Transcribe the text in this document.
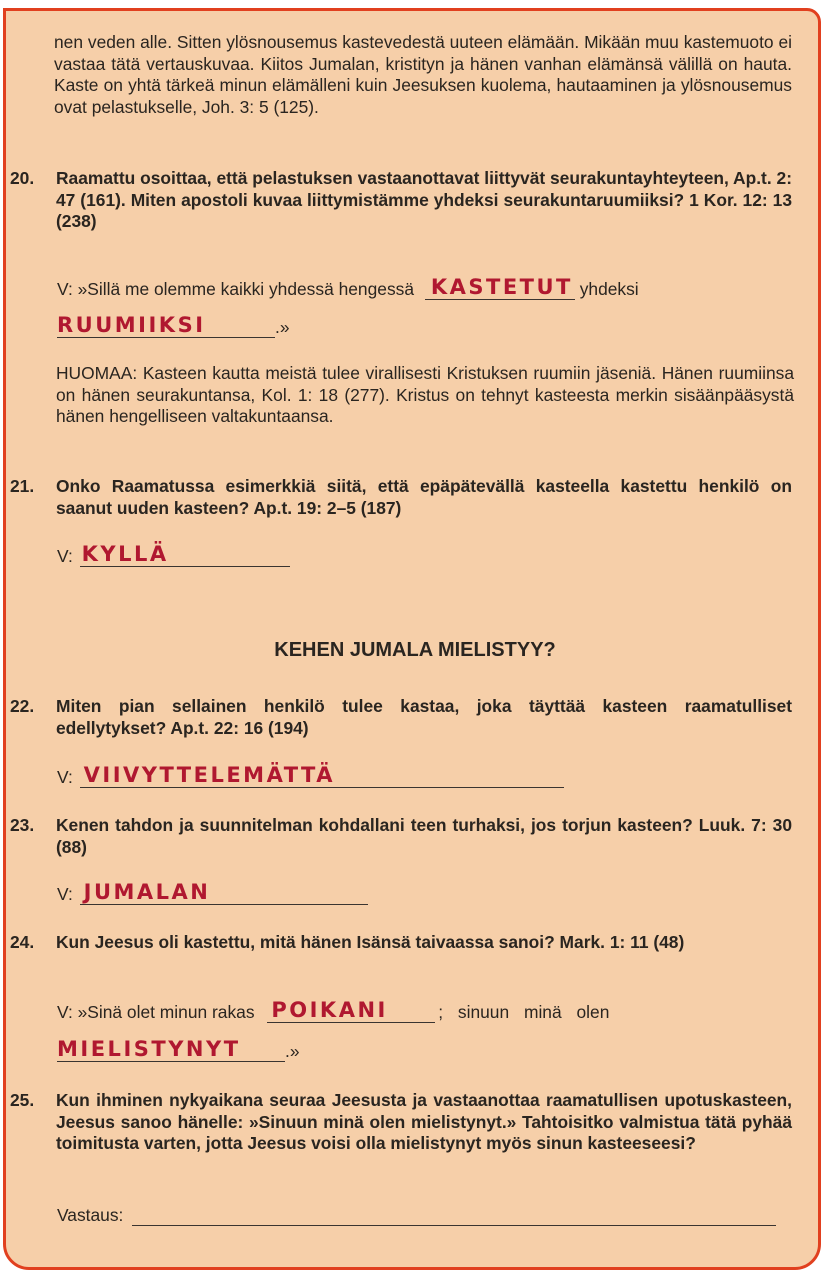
nen veden alle. Sitten ylösnousemus kastevedestä uuteen elämään. Mikään muu kastemuoto ei vastaa tätä vertauskuvaa. Kiitos Jumalan, kristityn ja hänen vanhan elämänsä välillä on hauta. Kaste on yhtä tärkeä minun elämälleni kuin Jeesuksen kuolema, hautaaminen ja ylösnousemus ovat pelastukselle, Joh. 3: 5 (125).
20. Raamattu osoittaa, että pelastuksen vastaanottavat liittyvät seurakuntayhteyteen, Ap.t. 2: 47 (161). Miten apostoli kuvaa liittymistämme yhdeksi seurakuntaruumiiksi? 1 Kor. 12: 13 (238)
V: »Sillä me olemme kaikki yhdessä hengessä KASTETUT yhdeksi
RUUMIIKSI	.»
HUOMAA: Kasteen kautta meistä tulee virallisesti Kristuksen ruumiin jäseniä. Hänen ruumiinsa on hänen seurakuntansa, Kol. 1: 18 (277). Kristus on tehnyt kasteesta merkin sisäänpääsystä hänen hengelliseen valtakuntaansa.
21. Onko Raamatussa esimerkkiä siitä, että epäpätevällä kasteella kastettu henkilö on saanut uuden kasteen? Ap.t. 19: 2–5 (187)
V: KYLLÄ
KEHEN JUMALA MIELISTYY?
22. Miten pian sellainen henkilö tulee kastaa, joka täyttää kasteen raamatulliset edellytykset? Ap.t. 22: 16 (194)
V: VIIVYTTELEMÄTTÄ
23. Kenen tahdon ja suunnitelman kohdallani teen turhaksi, jos torjun kasteen? Luuk. 7: 30 (88)
V: JUMALAN
24. Kun Jeesus oli kastettu, mitä hänen Isänsä taivaassa sanoi? Mark. 1: 11 (48)
V: »Sinä olet minun rakas POIKANI	; sinuun minä olen
MIELISTYNYT	.»
25. Kun ihminen nykyaikana seuraa Jeesusta ja vastaanottaa raamatullisen upotuskasteen, Jeesus sanoo hänelle: »Sinuun minä olen mielistynyt.» Tahtoisitko valmistua tätä pyhää toimitusta varten, jotta Jeesus voisi olla mielistynyt myös sinun kasteeseesi?
Vastaus:
